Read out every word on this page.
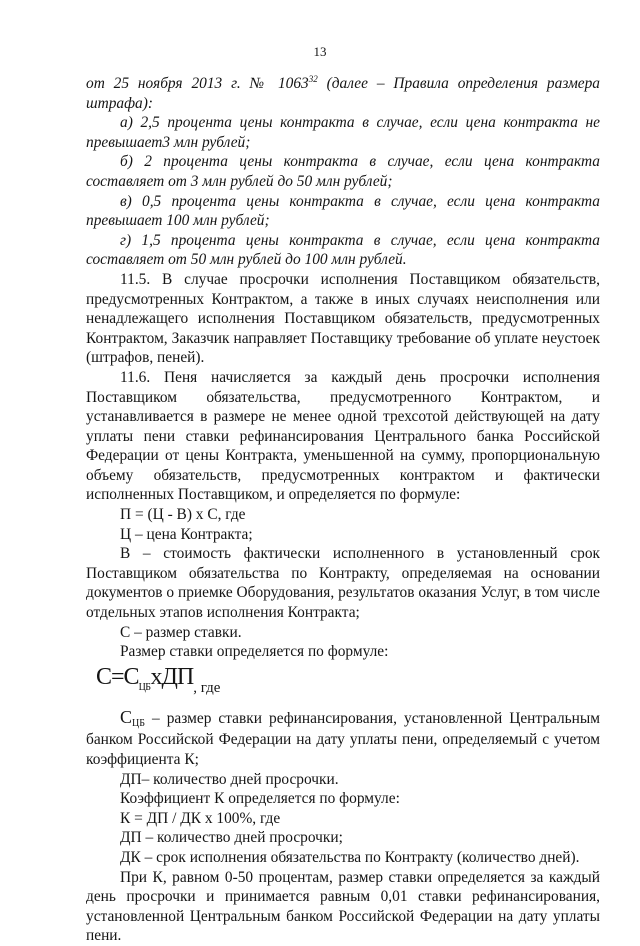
13

от 25 ноября 2013 г. № 1063$^{32}$ (далее – Правила определения размера штрафа):

а) 2,5 процента цены контракта в случае, если цена контракта не превышает3 млн рублей;

б) 2 процента цены контракта в случае, если цена контракта составляет от 3 млн рублей до 50 млн рублей;

в) 0,5 процента цены контракта в случае, если цена контракта превышает 100 млн рублей;

г) 1,5 процента цены контракта в случае, если цена контракта составляет от 50 млн рублей до 100 млн рублей.

11.5. В случае просрочки исполнения Поставщиком обязательств, предусмотренных Контрактом, а также в иных случаях неисполнения или ненадлежащего исполнения Поставщиком обязательств, предусмотренных Контрактом, Заказчик направляет Поставщику требование об уплате неустоек (штрафов, пеней).

11.6. Пеня начисляется за каждый день просрочки исполнения Поставщиком обязательства, предусмотренного Контрактом, и устанавливается в размере не менее одной трехсотой действующей на дату уплаты пени ставки рефинансирования Центрального банка Российской Федерации от цены Контракта, уменьшенной на сумму, пропорциональную объему обязательств, предусмотренных контрактом и фактически исполненных Поставщиком, и определяется по формуле:

П = (Ц - В) х С, где

Ц – цена Контракта;

В – стоимость фактически исполненного в установленный срок Поставщиком обязательства по Контракту, определяемая на основании документов о приемке Оборудования, результатов оказания Услуг, в том числе отдельных этапов исполнения Контракта;

С – размер ставки.

Размер ставки определяется по формуле:

$С=С_{ЦБ}хДП$, где

СЦБ – размер ставки рефинансирования, установленной Центральным банком Российской Федерации на дату уплаты пени, определяемый с учетом коэффициента К;

ДП– количество дней просрочки.

Коэффициент К определяется по формуле:

К = ДП / ДК х 100%, где

ДП – количество дней просрочки;

ДК – срок исполнения обязательства по Контракту (количество дней).

При К, равном 0-50 процентам, размер ставки определяется за каждый день просрочки и принимается равным 0,01 ставки рефинансирования, установленной Центральным банком Российской Федерации на дату уплаты пени.
